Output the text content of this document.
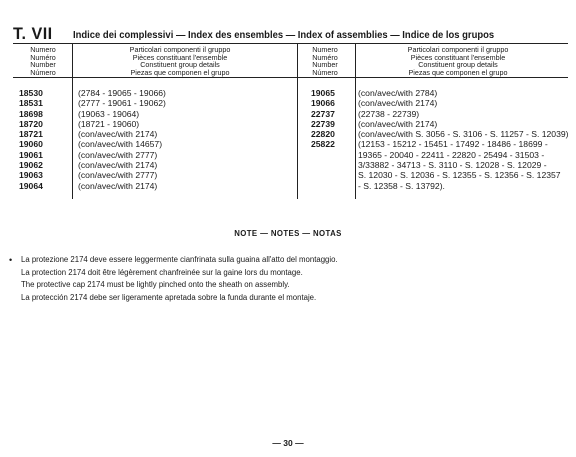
T. VII Indice dei complessivi — Index des ensembles — Index of assemblies — Indice de los grupos
Numero
Numéro
Number
Número
Particolari componenti il gruppo
Pièces constituant l'ensemble
Constituent group details
Piezas que componen el grupo
Numero
Numéro
Number
Número
Particolari componenti il gruppo
Pièces constituant l'ensemble
Constituent group details
Piezas que componen el grupo
18530	(2784 - 19065 - 19066)
18531	(2777 - 19061 - 19062)
18698	(19063 - 19064)
18720	(18721 - 19060)
18721	(con/avec/with 2174)
19060	(con/avec/with 14657)
19061	(con/avec/with 2777)
19062	(con/avec/with 2174)
19063	(con/avec/with 2777)
19064	(con/avec/with 2174)
19065	(con/avec/with 2784)
19066	(con/avec/with 2174)
22737	(22738 - 22739)
22739	(con/avec/with 2174)
22820	(con/avec/with S. 3056 - S. 3106 - S. 11257 - S. 12039)
25822	(12153 - 15212 - 15451 - 17492 - 18486 - 18699 -
19365 - 20040 - 22411 - 22820 - 25494 - 31503 -
3/33882 - 34713 - S. 3110 - S. 12028 - S. 12029 -
S. 12030 - S. 12036 - S. 12355 - S. 12356 - S. 12357
- S. 12358 - S. 13792).
NOTE — NOTES — NOTAS
• La protezione 2174 deve essere leggermente cianfrinata sulla guaina all'atto del montaggio.
La protection 2174 doit être légèrement chanfreinée sur la gaine lors du montage.
The protective cap 2174 must be lightly pinched onto the sheath on assembly.
La protección 2174 debe ser ligeramente apretada sobre la funda durante el montaje.
— 30 —
